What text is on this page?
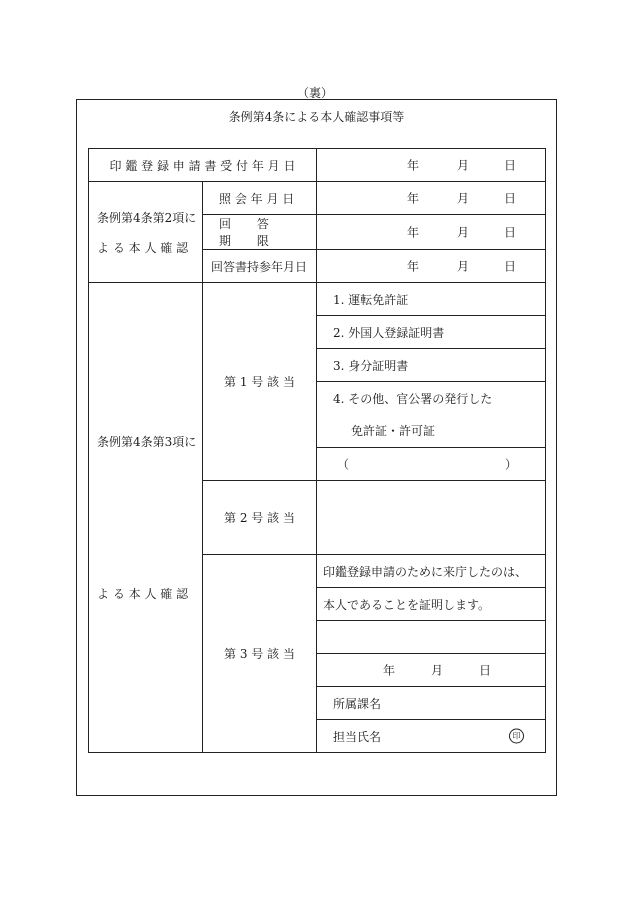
（裏）
条例第4条による本人確認事項等
印 鑑 登 録 申 請 書 受 付 年 月 日		年 月 日	

条例第4条第2項に
よ る 本 人 確 認	照 会 年 月 日	年 月 日	

	回 答 期 限	年 月 日	

	回答書持参年月日	年 月 日	

条例第4条第3項に
よ る 本 人 確 認	第 1 号 該 当	1. 運転免許証	
		2. 外国人登録証明書	
		3. 身分証明書	
		4. その他、官公署の発行した	
		免許証・許可証	

		（ ）	

	第 2 号 該 当		

	第 3 号 該 当	印鑑登録申請のために来庁したのは、	
		本人であることを証明します。	

		年 月 日	

		所属課名	
		担当氏名 印	
